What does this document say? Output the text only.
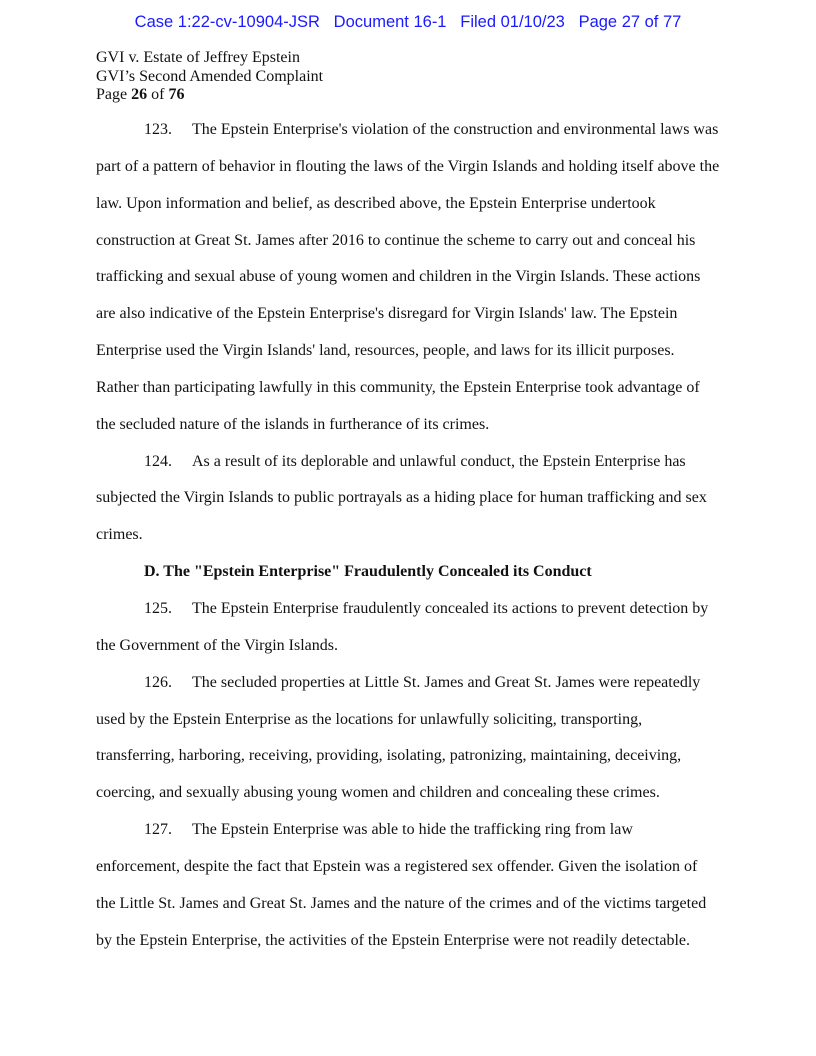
Case 1:22-cv-10904-JSR   Document 16-1   Filed 01/10/23   Page 27 of 77
GVI v. Estate of Jeffrey Epstein
GVI’s Second Amended Complaint
Page 26 of 76

123. The Epstein Enterprise's violation of the construction and environmental laws was
part of a pattern of behavior in flouting the laws of the Virgin Islands and holding itself above the
law. Upon information and belief, as described above, the Epstein Enterprise undertook
construction at Great St. James after 2016 to continue the scheme to carry out and conceal his
trafficking and sexual abuse of young women and children in the Virgin Islands. These actions
are also indicative of the Epstein Enterprise's disregard for Virgin Islands' law. The Epstein
Enterprise used the Virgin Islands' land, resources, people, and laws for its illicit purposes.
Rather than participating lawfully in this community, the Epstein Enterprise took advantage of
the secluded nature of the islands in furtherance of its crimes.

124. As a result of its deplorable and unlawful conduct, the Epstein Enterprise has
subjected the Virgin Islands to public portrayals as a hiding place for human trafficking and sex
crimes.

D. The "Epstein Enterprise" Fraudulently Concealed its Conduct

125. The Epstein Enterprise fraudulently concealed its actions to prevent detection by
the Government of the Virgin Islands.

126. The secluded properties at Little St. James and Great St. James were repeatedly
used by the Epstein Enterprise as the locations for unlawfully soliciting, transporting,
transferring, harboring, receiving, providing, isolating, patronizing, maintaining, deceiving,
coercing, and sexually abusing young women and children and concealing these crimes.

127. The Epstein Enterprise was able to hide the trafficking ring from law
enforcement, despite the fact that Epstein was a registered sex offender. Given the isolation of
the Little St. James and Great St. James and the nature of the crimes and of the victims targeted
by the Epstein Enterprise, the activities of the Epstein Enterprise were not readily detectable.
